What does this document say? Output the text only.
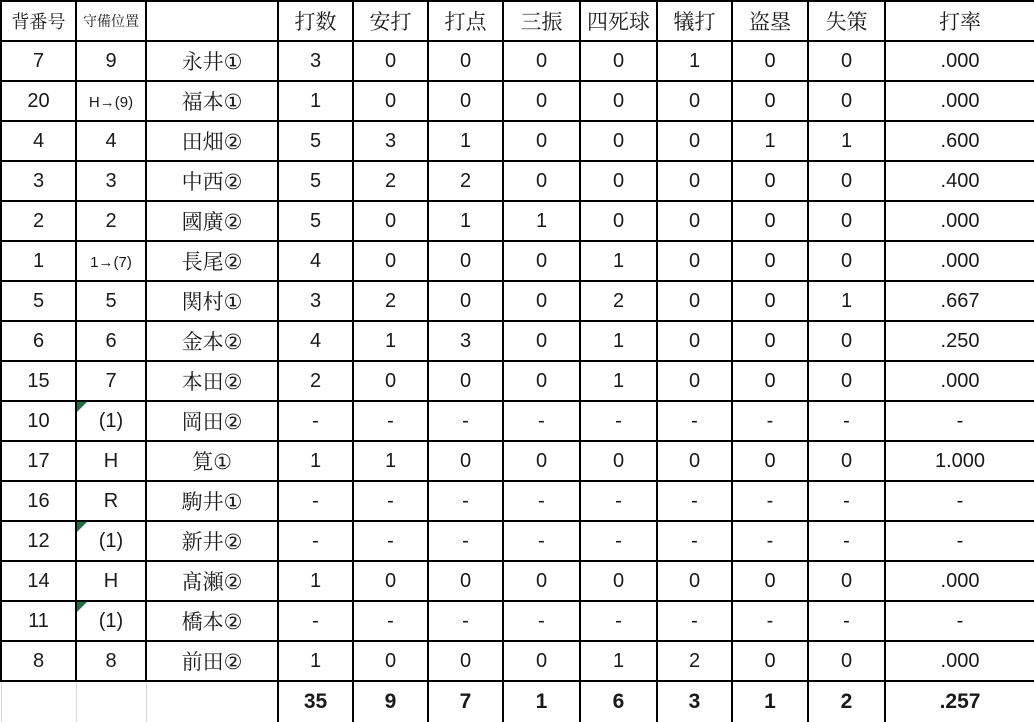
背番号	守備位置		打数	安打	打点	三振	四死球	犠打	盗塁	失策	打率
7	9	永井①	3	0	0	0	0	1	0	0	.000
20	H→(9)	福本①	1	0	0	0	0	0	0	0	.000
4	4	田畑②	5	3	1	0	0	0	1	1	.600
3	3	中西②	5	2	2	0	0	0	0	0	.400
2	2	國廣②	5	0	1	1	0	0	0	0	.000
1	1→(7)	長尾②	4	0	0	0	1	0	0	0	.000
5	5	関村①	3	2	0	0	2	0	0	1	.667
6	6	金本②	4	1	3	0	1	0	0	0	.250
15	7	本田②	2	0	0	0	1	0	0	0	.000
10	(1)	岡田②	-	-	-	-	-	-	-	-	-
17	H	筧①	1	1	0	0	0	0	0	0	1.000
16	R	駒井①	-	-	-	-	-	-	-	-	-
12	(1)	新井②	-	-	-	-	-	-	-	-	-
14	H	髙瀬②	1	0	0	0	0	0	0	0	.000
11	(1)	橋本②	-	-	-	-	-	-	-	-	-
8	8	前田②	1	0	0	0	1	2	0	0	.000
			35	9	7	1	6	3	1	2	.257
